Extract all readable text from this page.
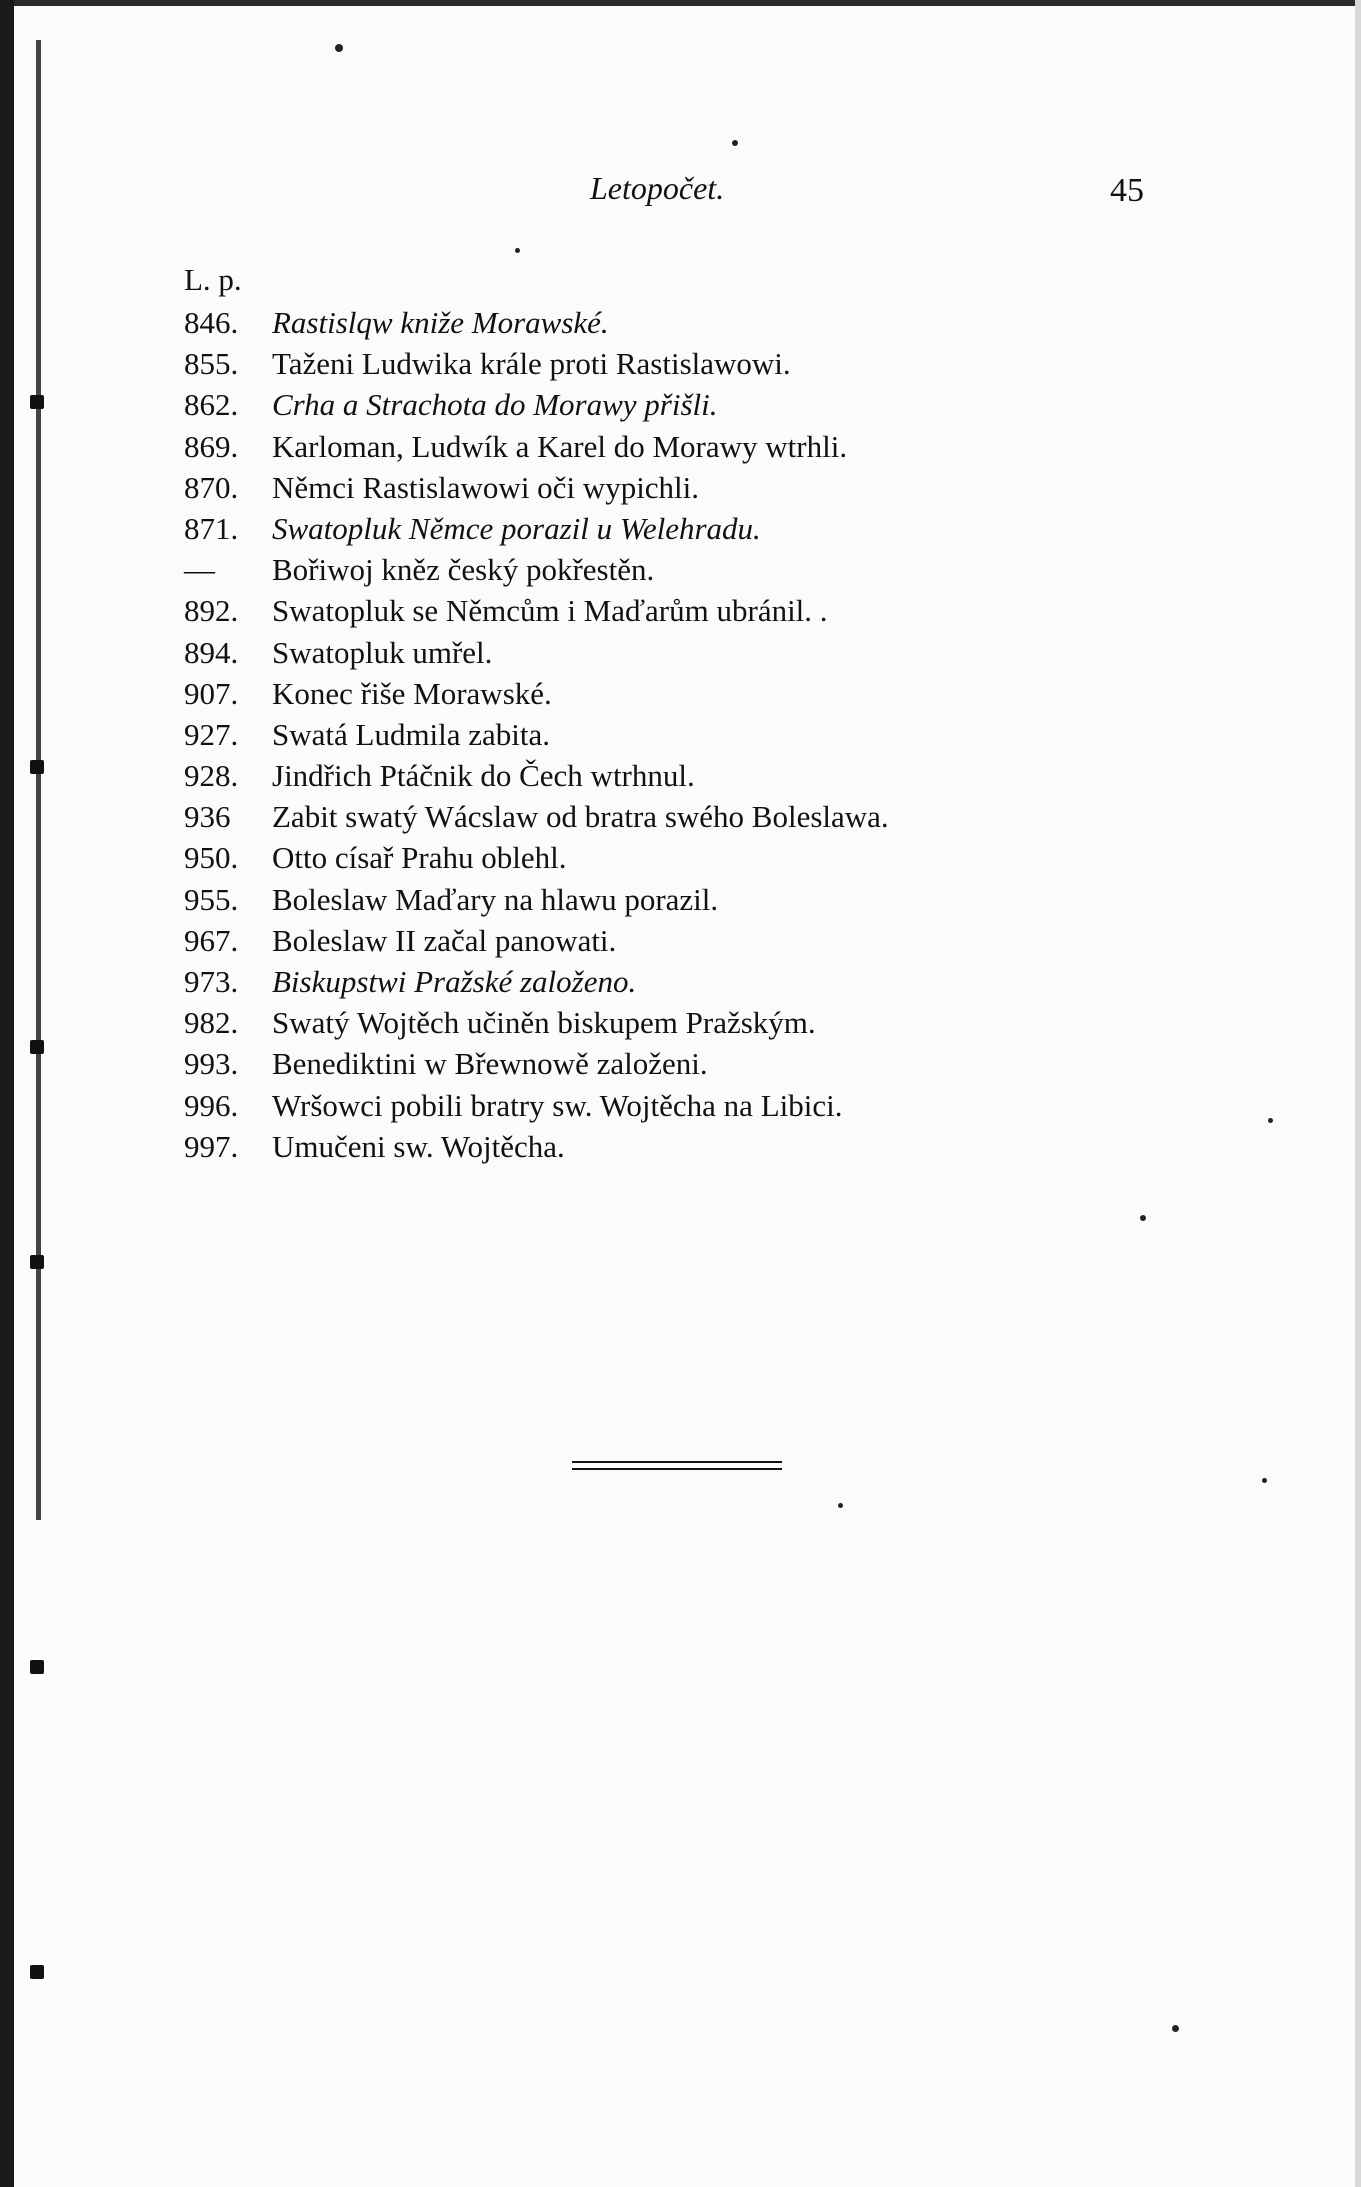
Letopočet.	45
L. p.
846.	Rastislqw kniže Morawské.
855.	Taženi Ludwika krále proti Rastislawowi.
862.	Crha a Strachota do Morawy přišli.
869.	Karloman, Ludwík a Karel do Morawy wtrhli.
870.	Němci Rastislawowi oči wypichli.
871.	Swatopluk Němce porazil u Welehradu.
—	Bořiwoj kněz český pokřestěn.
892.	Swatopluk se Němcům i Maďarům ubránil. .
894.	Swatopluk umřel.
907.	Konec řiše Morawské.
927.	Swatá Ludmila zabita.
928.	Jindřich Ptáčnik do Čech wtrhnul.
936	Zabit swatý Wácslaw od bratra swého Boleslawa.
950.	Otto císař Prahu oblehl.
955.	Boleslaw Maďary na hlawu porazil.
967.	Boleslaw II začal panowati.
973.	Biskupstwi Pražské založeno.
982.	Swatý Wojtěch učiněn biskupem Pražským.
993.	Benediktini w Břewnowě založeni.
996.	Wršowci pobili bratry sw. Wojtěcha na Libici.
997.	Umučeni sw. Wojtěcha.
